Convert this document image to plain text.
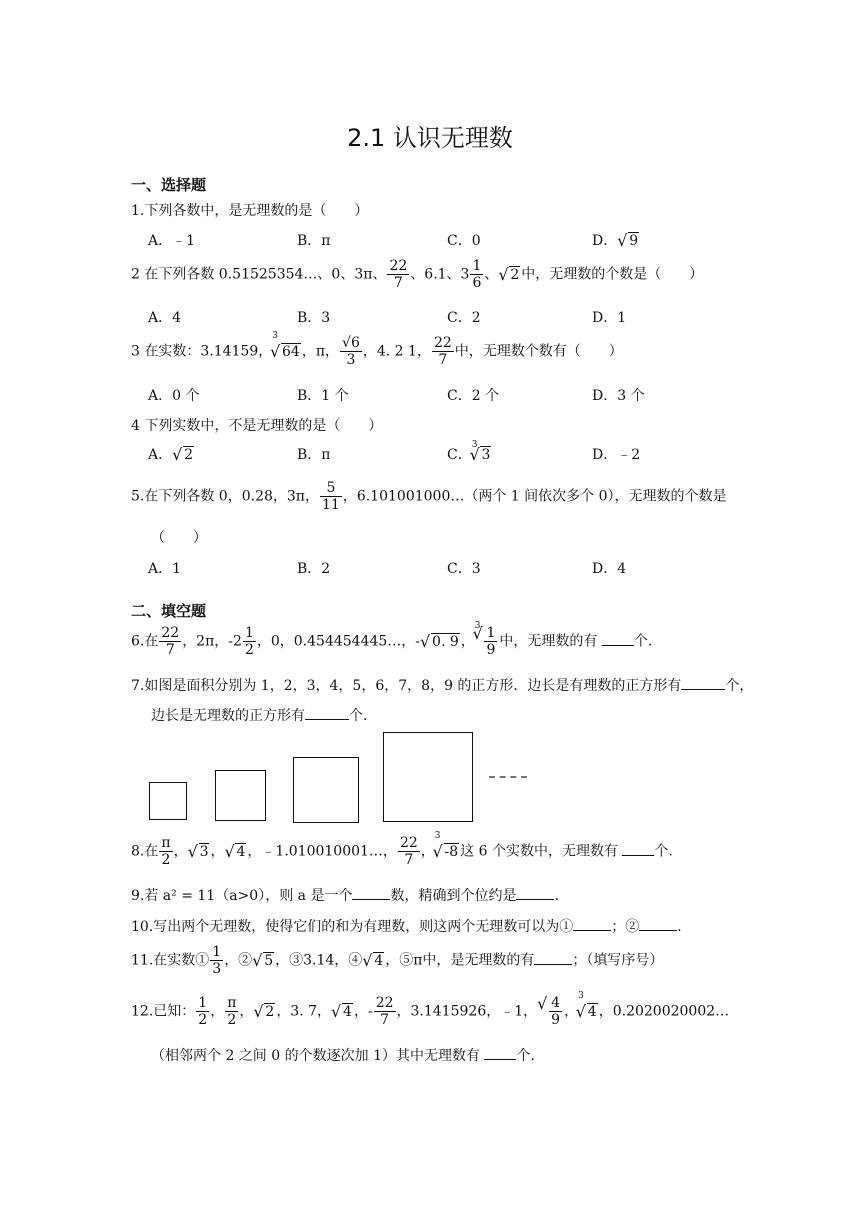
2.1 认识无理数
一、选择题
1.下列各数中，是无理数的是（　　）
A．﹣1	B．π	C．0	D． √ 9
2 在下列各数 0.51525354…、0、3π、 $\frac{22}{7}$ 、6.1、$3 \frac{1}{6}$ 、 √ 2 中，无理数的个数是（　　）
A．4	B．3	C．2	D．1
3 在实数：3.14159，$^3$√ 64 ，π， $\frac{√6}{3}$ ，4. 2 1， $\frac{22}{7}$ 中，无理数个数有（　　）
A．0 个	B．1 个	C．2 个	D．3 个
4 下列实数中，不是无理数的是（　　）
A． √ 2	B．π	C．$^3$√ 3	D．﹣2
5.在下列各数 0，0.28，3π， $\frac{5}{11}$ ，6.101001000…（两个 1 间依次多个 0），无理数的个数是
（　　）
A．1	B．2	C．3	D．4
二、填空题
6.在 $\frac{22}{7}$ ，2π，$-2 \frac{1}{2}$ ，0，0.454454445…，- √ 0. 9 ，$^3$ √ $\frac{1}{9}$ 中，无理数的有	个.
7.如图是面积分别为 1，2，3，4，5，6，7，8，9 的正方形．边长是有理数的正方形有	个，
边长是无理数的正方形有	个.
8.在 $\frac{\pi}{2}$ ， √ 3 ， √ 4 ，﹣1.010010001…， $\frac{22}{7}$ ，$^3$√ -8 这 6 个实数中，无理数有	个.
9.若 a² = 11（a>0），则 a 是一个	数，精确到个位约是	.
10.写出两个无理数，使得它们的和为有理数，则这两个无理数可以为①	；②	.
11.在实数① $\frac{1}{3}$ ，② √ 5 ，③3.14，④ √ 4 ，⑤π中，是无理数的有	；（填写序号）
12.已知： $\frac{1}{2}$ ， $\frac{\pi}{2}$ ， √ 2 ，3. 7， √ 4 ，- $\frac{22}{7}$ ，3.1415926，﹣1， √ $\frac{4}{9}$ ，$^3$√ 4 ，0.2020020002…
（相邻两个 2 之间 0 的个数逐次加 1）其中无理数有	个.
